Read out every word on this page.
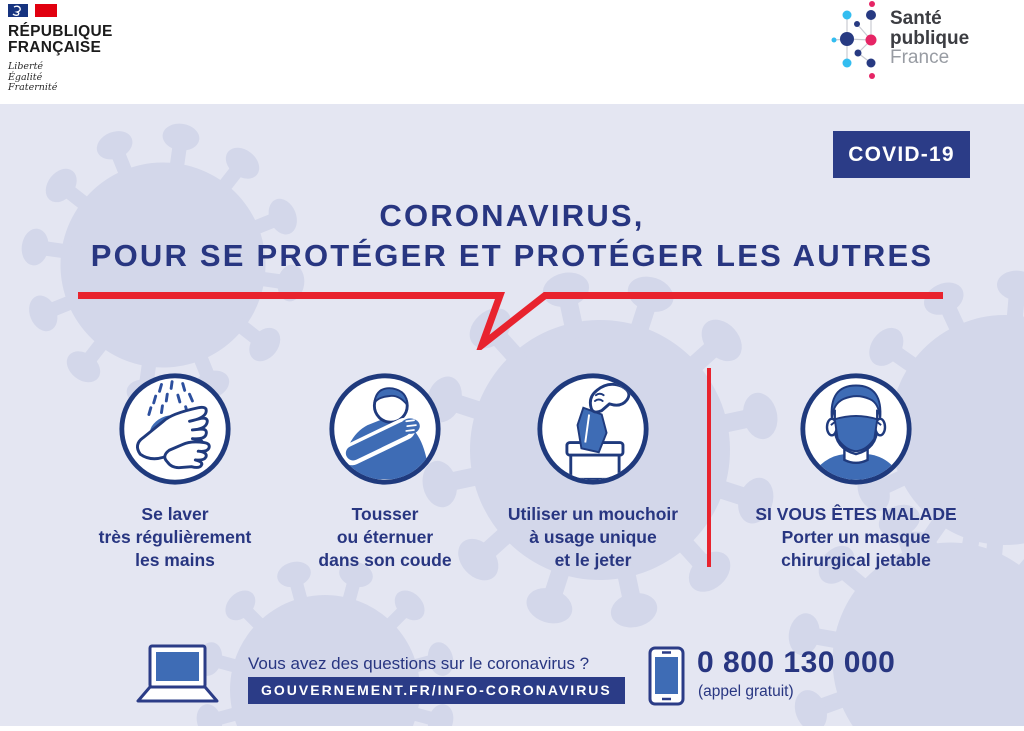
RÉPUBLIQUE
FRANÇAISE
Liberté
Égalité
Fraternité
Santé
publique
France
COVID-19
CORONAVIRUS,
POUR SE PROTÉGER ET PROTÉGER LES AUTRES
Se laver
très régulièrement
les mains
Tousser
ou éternuer
dans son coude
Utiliser un mouchoir
à usage unique
et le jeter
SI VOUS ÊTES MALADE
Porter un masque
chirurgical jetable
Vous avez des questions sur le coronavirus ?
GOUVERNEMENT.FR/INFO-CORONAVIRUS
0 800 130 000
(appel gratuit)
